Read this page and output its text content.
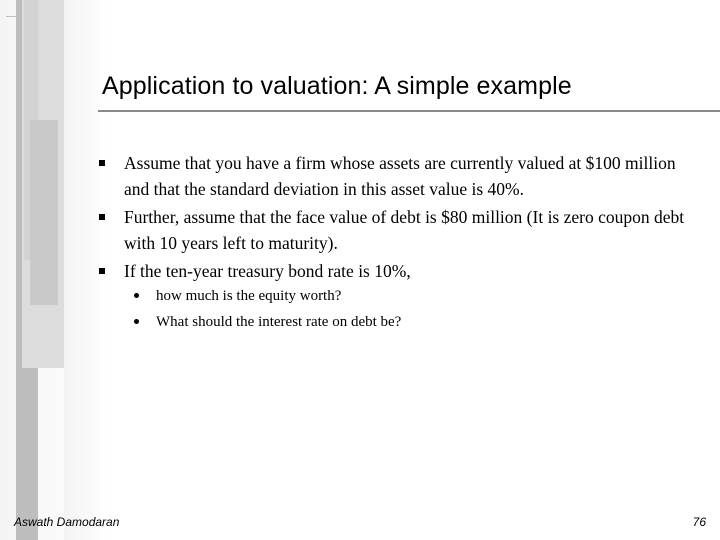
Application to valuation: A simple example
Assume that you have a firm whose assets are currently valued at $100 million and that the standard deviation in this asset value is 40%.
Further, assume that the face value of debt is $80 million (It is zero coupon debt with 10 years left to maturity).
If the ten-year treasury bond rate is 10%,
how much is the equity worth?
What should the interest rate on debt be?
Aswath Damodaran	76
